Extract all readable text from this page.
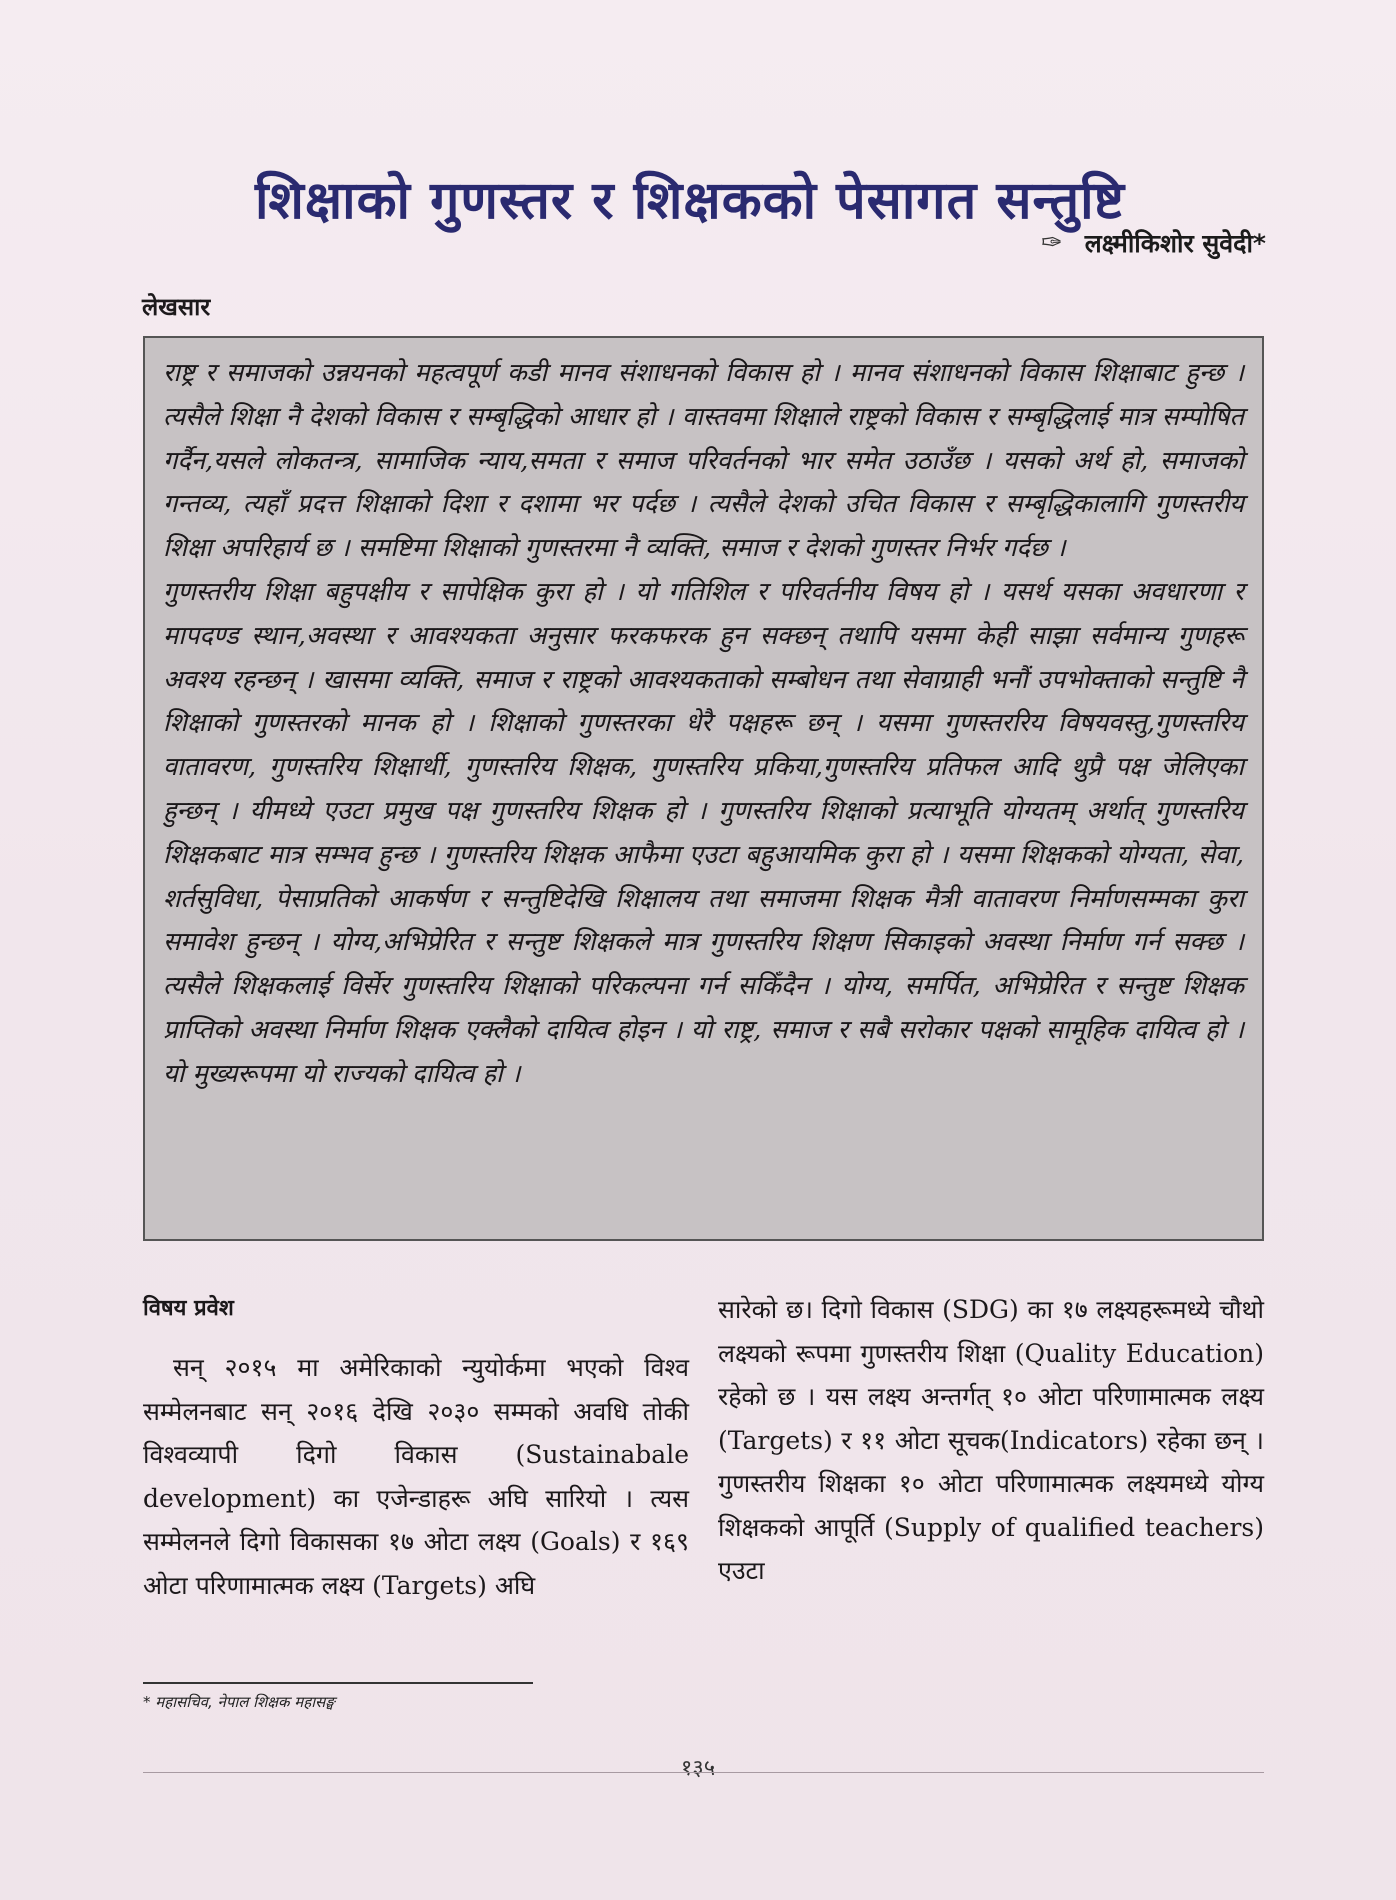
शिक्षाको गुणस्तर र शिक्षकको पेसागत सन्तुष्टि
✑ लक्ष्मीकिशोर सुवेदी*
लेखसार

राष्ट्र र समाजको उन्नयनको महत्वपूर्ण कडी मानव संशाधनको विकास हो । मानव संशाधनको विकास शिक्षाबाट हुन्छ । त्यसैले शिक्षा नै देशको विकास र सम्बृद्धिको आधार हो । वास्तवमा शिक्षाले राष्ट्रको विकास र सम्बृद्धिलाई मात्र सम्पोषित गर्दैन,यसले लोकतन्त्र, सामाजिक न्याय,समता र समाज परिवर्तनको भार समेत उठाउँछ । यसको अर्थ हो, समाजको गन्तव्य, त्यहाँ प्रदत्त शिक्षाको दिशा र दशामा भर पर्दछ । त्यसैले देशको उचित विकास र सम्बृद्धिकालागि गुणस्तरीय शिक्षा अपरिहार्य छ । समष्टिमा शिक्षाको गुणस्तरमा नै व्यक्ति, समाज र देशको गुणस्तर निर्भर गर्दछ ।

गुणस्तरीय शिक्षा बहुपक्षीय र सापेक्षिक कुरा हो । यो गतिशिल र परिवर्तनीय विषय हो । यसर्थ यसका अवधारणा र मापदण्ड स्थान,अवस्था र आवश्यकता अनुसार फरकफरक हुन सक्छन् तथापि यसमा केही साझा सर्वमान्य गुणहरू अवश्य रहन्छन् । खासमा व्यक्ति, समाज र राष्ट्रको आवश्यकताको सम्बोधन तथा सेवाग्राही भनौं उपभोक्ताको सन्तुष्टि नै शिक्षाको गुणस्तरको मानक हो । शिक्षाको गुणस्तरका धेरै पक्षहरू छन् । यसमा गुणस्तररिय विषयवस्तु,गुणस्तरिय वातावरण, गुणस्तरिय शिक्षार्थी, गुणस्तरिय शिक्षक, गुणस्तरिय प्रकिया,गुणस्तरिय प्रतिफल आदि थुप्रै पक्ष जेलिएका हुन्छन् । यीमध्ये एउटा प्रमुख पक्ष गुणस्तरिय शिक्षक हो । गुणस्तरिय शिक्षाको प्रत्याभूति योग्यतम् अर्थात् गुणस्तरिय शिक्षकबाट मात्र सम्भव हुन्छ । गुणस्तरिय शिक्षक आफैमा एउटा बहुआयमिक कुरा हो । यसमा शिक्षकको योग्यता, सेवा, शर्तसुविधा, पेसाप्रतिको आकर्षण र सन्तुष्टिदेखि शिक्षालय तथा समाजमा शिक्षक मैत्री वातावरण निर्माणसम्मका कुरा समावेश हुन्छन् । योग्य,अभिप्रेरित र सन्तुष्ट शिक्षकले मात्र गुणस्तरिय शिक्षण सिकाइको अवस्था निर्माण गर्न सक्छ । त्यसैले शिक्षकलाई विर्सेर गुणस्तरिय शिक्षाको परिकल्पना गर्न सकिँदैन । योग्य, समर्पित, अभिप्रेरित र सन्तुष्ट शिक्षक प्राप्तिको अवस्था निर्माण शिक्षक एक्लैको दायित्व होइन । यो राष्ट्र, समाज र सबै सरोकार पक्षको सामूहिक दायित्व हो । यो मुख्यरूपमा यो राज्यको दायित्व हो ।

विषय प्रवेश

सन् २०१५ मा अमेरिकाको न्युयोर्कमा भएको विश्व सम्मेलनबाट सन् २०१६ देखि २०३० सम्मको अवधि तोकी विश्वव्यापी दिगो विकास (Sustainabale development) का एजेन्डाहरू अघि सारियो । त्यस सम्मेलनले दिगो विकासका १७ ओटा लक्ष्य (Goals) र १६९ ओटा परिणामात्मक लक्ष्य (Targets) अघि

सारेको छ। दिगो विकास (SDG) का १७ लक्ष्यहरूमध्ये चौथो लक्ष्यको रूपमा गुणस्तरीय शिक्षा (Quality Education) रहेको छ । यस लक्ष्य अन्तर्गत् १० ओटा परिणामात्मक लक्ष्य (Targets) र ११ ओटा सूचक(Indicators) रहेका छन् । गुणस्तरीय शिक्षका १० ओटा परिणामात्मक लक्ष्यमध्ये योग्य शिक्षकको आपूर्ति (Supply of qualified teachers) एउटा

* महासचिव, नेपाल शिक्षक महासङ्घ
१३५
